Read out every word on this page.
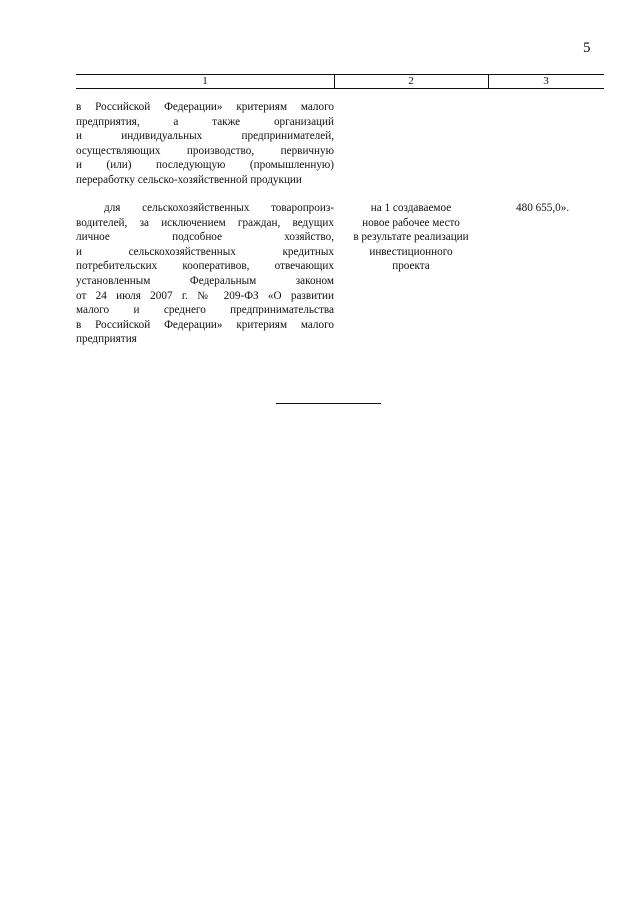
5
1	2	3
в Российской Федерации» критериям малого
предприятия, а также организаций
и индивидуальных предпринимателей,
осуществляющих производство, первичную
и (или) последующую (промышленную)
переработку сельско-хозяйственной продукции
для сельскохозяйственных товаропроиз-
водителей, за исключением граждан, ведущих
личное подсобное хозяйство,
и сельскохозяйственных кредитных
потребительских кооперативов, отвечающих
установленным Федеральным законом
от 24 июля 2007 г. № 209-ФЗ «О развитии
малого и среднего предпринимательства
в Российской Федерации» критериям малого
предприятия
на 1 создаваемое
новое рабочее место
в результате реализации
инвестиционного
проекта
480 655,0».
